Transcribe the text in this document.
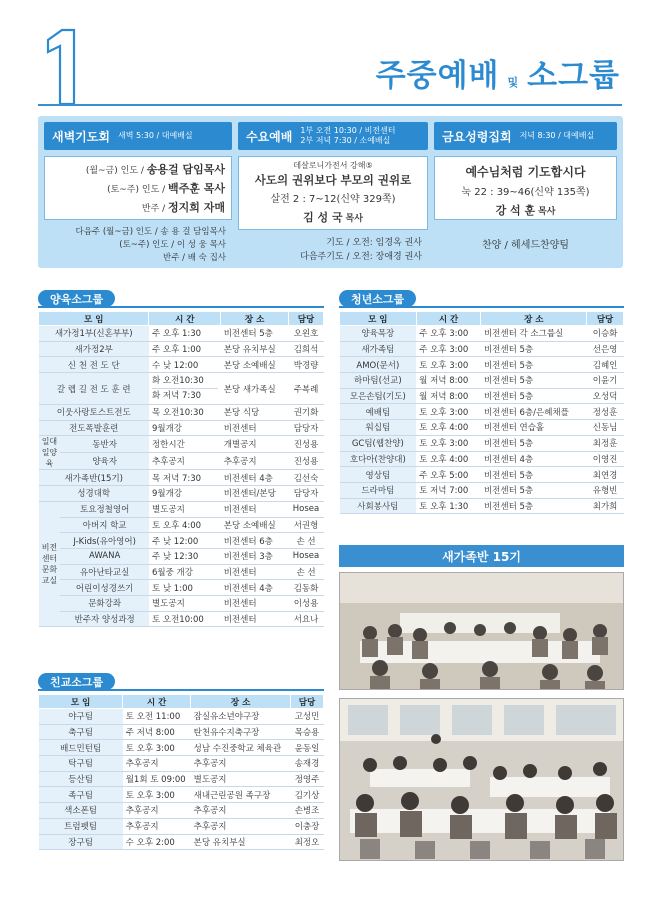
주중예배 및 소그룹
새벽기도회 새벽 5:30 / 대예배실
(월~금) 인도 / 송용걸 담임목사
(토~주) 인도 / 백주훈 목사
반주 / 정지희 자매
다음주 (월~금) 인도 / 송 용 걸 담임목사
(토~주) 인도 / 이 성 웅 목사
반주 / 배 숙 집사
수요예배 1부 오전 10:30 / 비전센터
2부 저녁 7:30 / 소예배실
데살로니가전서 강해⑤
사도의 권위보다 부모의 권위로
살전 2 : 7~12(신약 329쪽)
김 성 국 목사
기도 / 오전: 임경옥 권사
다음주기도 / 오전: 장애경 권사
금요성령집회 저녁 8:30 / 대예배실
예수님처럼 기도합시다
눅 22 : 39~46(신약 135쪽)
강 석 훈 목사
찬양 / 헤세드찬양팀
양육소그룹
모 임		시 간	장 소	담당
새가정1부(신혼부부)		주 오후 1:30	비전센터 5층	오왼호
새가정2부		주 오후 1:00	본당 유치부실	김희석
신 천 전 도 단		수 낮 12:00	본당 소예배실	박경량
갈 렙 길 전 도 훈 련		화 오전10:30
화 저녁 7:30	본당 새가족실	주복례
이웃사랑토스트전도		목 오전10:30	본당 식당	권기화
전도폭발훈련		9월개강	비전센터	담당자
일대일양육	동반자	정한시간	개별공지	진성용
	양육자	추후공지	추후공지	진성용
새가족반(15기)		목 저녁 7:30	비전센터 4층	김선숙
성경대학		9월개강	비전센터/본당	담당자
비전센터문화교실	토요정철영어	별도공지	비전센터	Hosea
	아버지 학교	토 오후 4:00	본당 소예배실	서권형
	J-Kids(유아영어)	주 낮 12:00	비전센터 6층	손 선
	AWANA	주 낮 12:30	비전센터 3층	Hosea
	유아난타교실	6월중 개강	비전센터	손 선
	어린이성경쓰기	토 낮 1:00	비전센터 4층	김동화
	문화강좌	별도공지	비전센터	이성용
	반주자 양성과정	토 오전10:00	비전센터	서요나
친교소그룹
모 임	시 간	장 소	담당
야구팀	토 오전 11:00	잠실유소년야구장	고성민
축구팀	주 저녁 8:00	탄천유수지축구장	목승용
배드민턴팀	토 오후 3:00	성남 수진중학교 체육관	윤동일
탁구팀	추후공지	추후공지	송재경
등산팀	월1회 토 09:00	별도공지	정영주
족구팀	토 오후 3:00	새내근린공원 족구장	김기상
색소폰팀	추후공지	추후공지	손병조
트럼펫팀	추후공지	추후공지	이충장
장구팀	수 오후 2:00	본당 유치부실	최정오
청년소그룹
모 임	시 간	장 소	담당
양육목장	주 오후 3:00	비전센터 각 소그룹실	이승화
새가족팀	주 오후 3:00	비전센터 5층	선은영
AMO(문서)	토 오후 3:00	비전센터 5층	김혜인
하마팀(선교)	월 저녁 8:00	비전센터 5층	이윤기
모은손팀(기도)	월 저녁 8:00	비전센터 5층	오성덕
예배팀	토 오후 3:00	비전센터 6층/은혜채플	정성훈
워십팀	토 오후 4:00	비전센터 연습홀	신동님
GC팀(웹찬양)	토 오후 3:00	비전센터 5층	최정훈
호다아(찬양대)	토 오후 4:00	비전센터 4층	이영진
영상팀	주 오후 5:00	비전센터 5층	최연경
드라마팀	토 저녁 7:00	비전센터 5층	유형빈
사회봉사팀	토 오후 1:30	비전센터 5층	최가희
새가족반 15기
